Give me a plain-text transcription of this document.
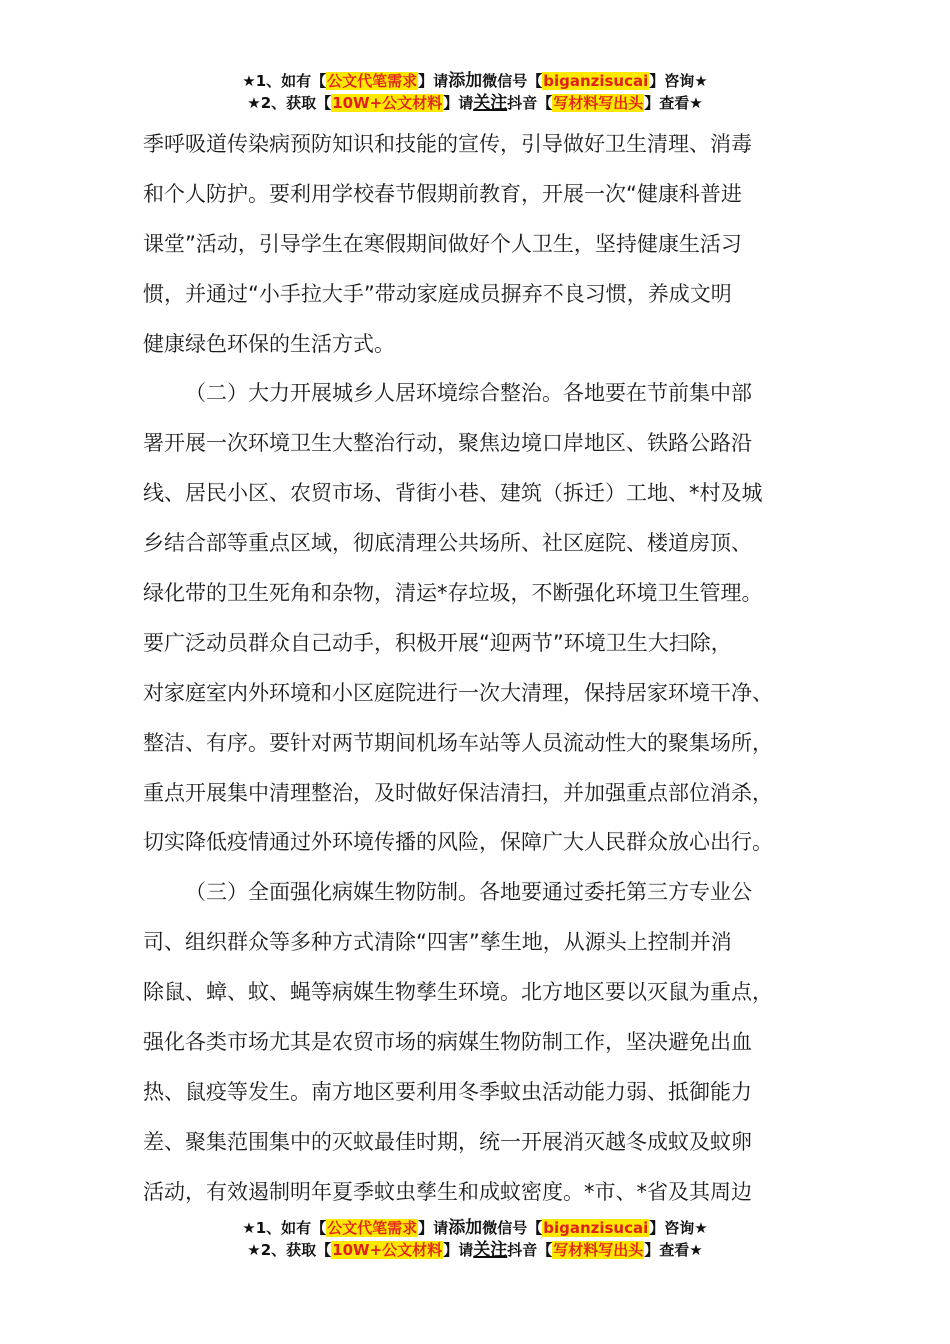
★1、如有【公文代笔需求】请添加微信号【biganzisucai】咨询★
★2、获取【10W+公文材料】请关注抖音【写材料写出头】查看★
季呼吸道传染病预防知识和技能的宣传，引导做好卫生清理、消毒
和个人防护。要利用学校春节假期前教育，开展一次“健康科普进
课堂”活动，引导学生在寒假期间做好个人卫生，坚持健康生活习
惯，并通过“小手拉大手”带动家庭成员摒弃不良习惯，养成文明
健康绿色环保的生活方式。
（二）大力开展城乡人居环境综合整治。各地要在节前集中部
署开展一次环境卫生大整治行动，聚焦边境口岸地区、铁路公路沿
线、居民小区、农贸市场、背街小巷、建筑（拆迁）工地、*村及城
乡结合部等重点区域，彻底清理公共场所、社区庭院、楼道房顶、
绿化带的卫生死角和杂物，清运*存垃圾，不断强化环境卫生管理。
要广泛动员群众自己动手，积极开展“迎两节”环境卫生大扫除，
对家庭室内外环境和小区庭院进行一次大清理，保持居家环境干净、
整洁、有序。要针对两节期间机场车站等人员流动性大的聚集场所，
重点开展集中清理整治，及时做好保洁清扫，并加强重点部位消杀，
切实降低疫情通过外环境传播的风险，保障广大人民群众放心出行。
（三）全面强化病媒生物防制。各地要通过委托第三方专业公
司、组织群众等多种方式清除“四害”孳生地，从源头上控制并消
除鼠、蟑、蚊、蝇等病媒生物孳生环境。北方地区要以灭鼠为重点，
强化各类市场尤其是农贸市场的病媒生物防制工作，坚决避免出血
热、鼠疫等发生。南方地区要利用冬季蚊虫活动能力弱、抵御能力
差、聚集范围集中的灭蚊最佳时期，统一开展消灭越冬成蚊及蚊卵
活动，有效遏制明年夏季蚊虫孳生和成蚊密度。*市、*省及其周边
★1、如有【公文代笔需求】请添加微信号【biganzisucai】咨询★
★2、获取【10W+公文材料】请关注抖音【写材料写出头】查看★
